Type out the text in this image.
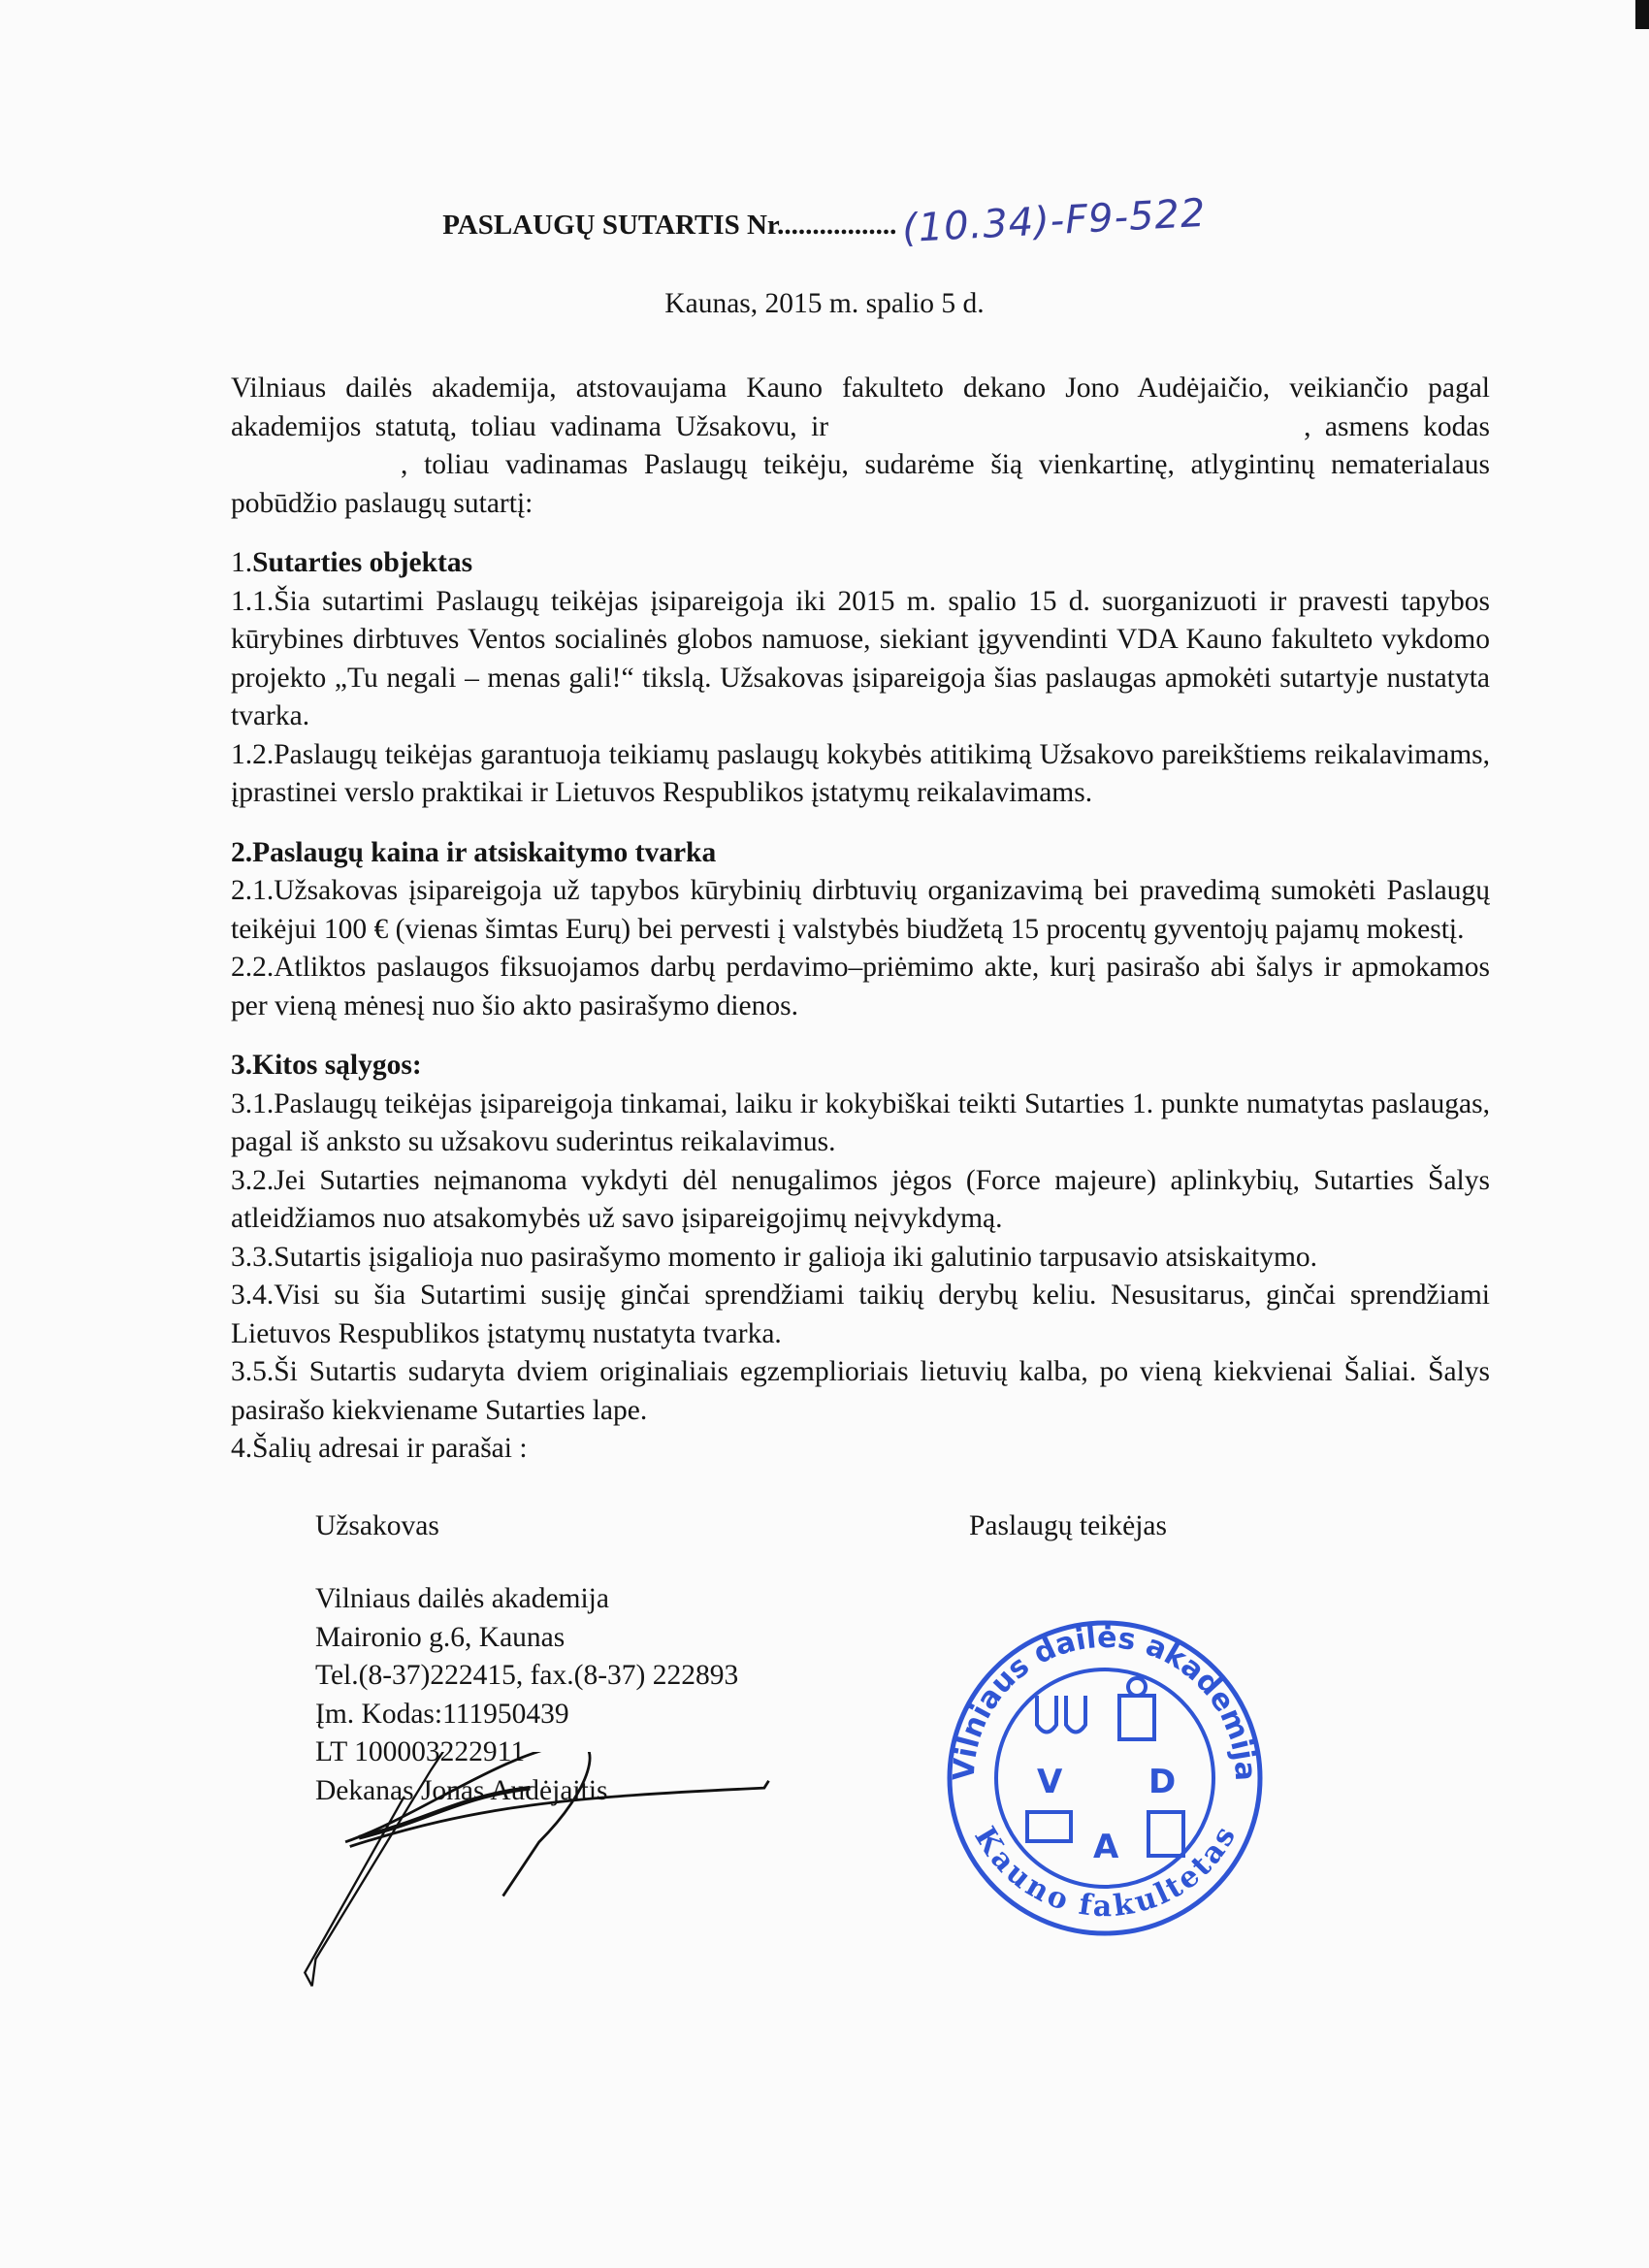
PASLAUGŲ SUTARTIS Nr................. (10.34)-F9-522
Kaunas, 2015 m. spalio 5 d.

Vilniaus dailės akademija, atstovaujama Kauno fakulteto dekano Jono Audėjaičio, veikiančio pagal akademijos statutą, toliau vadinama Užsakovu, ir	, asmens kodas, toliau vadinamas Paslaugų teikėju, sudarėme šią vienkartinę, atlygintinų nematerialaus pobūdžio paslaugų sutartį:

1.Sutarties objektas

1.1.Šia sutartimi Paslaugų teikėjas įsipareigoja iki 2015 m. spalio 15 d. suorganizuoti ir pravesti tapybos kūrybines dirbtuves Ventos socialinės globos namuose, siekiant įgyvendinti VDA Kauno fakulteto vykdomo projekto „Tu negali – menas gali!“ tikslą. Užsakovas įsipareigoja šias paslaugas apmokėti sutartyje nustatyta tvarka.

1.2.Paslaugų teikėjas garantuoja teikiamų paslaugų kokybės atitikimą Užsakovo pareikštiems reikalavimams, įprastinei verslo praktikai ir Lietuvos Respublikos įstatymų reikalavimams.

2.Paslaugų kaina ir atsiskaitymo tvarka

2.1.Užsakovas įsipareigoja už tapybos kūrybinių dirbtuvių organizavimą bei pravedimą sumokėti Paslaugų teikėjui 100 € (vienas šimtas Eurų) bei pervesti į valstybės biudžetą 15 procentų gyventojų pajamų mokestį.

2.2.Atliktos paslaugos fiksuojamos darbų perdavimo–priėmimo akte, kurį pasirašo abi šalys ir apmokamos per vieną mėnesį nuo šio akto pasirašymo dienos.

3.Kitos sąlygos:

3.1.Paslaugų teikėjas įsipareigoja tinkamai, laiku ir kokybiškai teikti Sutarties 1. punkte numatytas paslaugas, pagal iš anksto su užsakovu suderintus reikalavimus.

3.2.Jei Sutarties neįmanoma vykdyti dėl nenugalimos jėgos (Force majeure) aplinkybių, Sutarties Šalys atleidžiamos nuo atsakomybės už savo įsipareigojimų neįvykdymą.

3.3.Sutartis įsigalioja nuo pasirašymo momento ir galioja iki galutinio tarpusavio atsiskaitymo.

3.4.Visi su šia Sutartimi susiję ginčai sprendžiami taikių derybų keliu. Nesusitarus, ginčai sprendžiami Lietuvos Respublikos įstatymų nustatyta tvarka.

3.5.Ši Sutartis sudaryta dviem originaliais egzemplioriais lietuvių kalba, po vieną kiekvienai Šaliai. Šalys pasirašo kiekviename Sutarties lape.

4.Šalių adresai ir parašai :

Užsakovas
Vilniaus dailės akademija
Maironio g.6, Kaunas
Tel.(8-37)222415, fax.(8-37) 222893
Įm. Kodas:111950439
LT 100003222911
Dekanas Jonas Audėjaitis
Paslaugų teikėjas
Vilniaus dailės akademija
Kauno fakultetas
V	D
A
